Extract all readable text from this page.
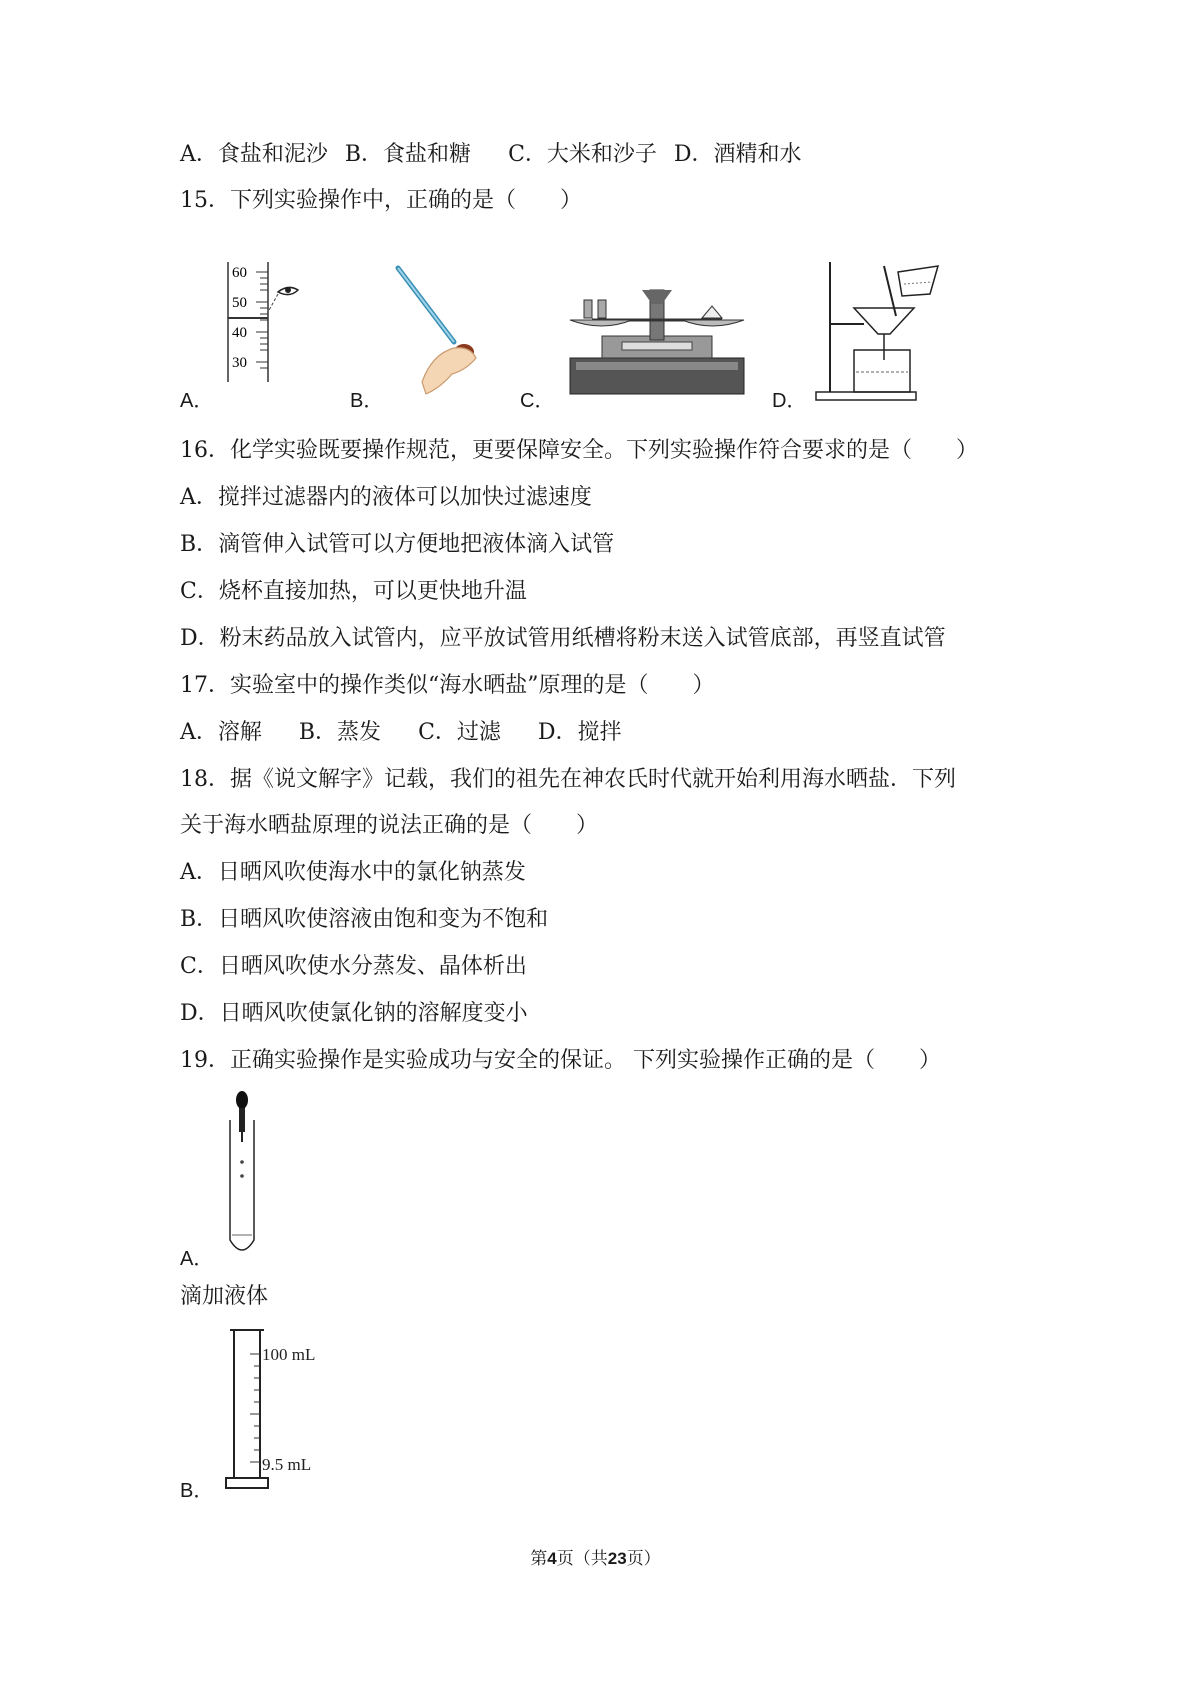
A．食盐和泥沙 B．食盐和糖 C．大米和沙子 D．酒精和水
15．下列实验操作中，正确的是（　　）
60
50
40
30
A．	B．	C．	D．
16．化学实验既要操作规范，更要保障安全。下列实验操作符合要求的是（　　）
A．搅拌过滤器内的液体可以加快过滤速度
B．滴管伸入试管可以方便地把液体滴入试管
C．烧杯直接加热，可以更快地升温
D．粉末药品放入试管内，应平放试管用纸槽将粉末送入试管底部，再竖直试管
17．实验室中的操作类似“海水晒盐”原理的是（　　）
A．溶解 B．蒸发 C．过滤 D．搅拌
18．据《说文解字》记载，我们的祖先在神农氏时代就开始利用海水晒盐．下列
关于海水晒盐原理的说法正确的是（　　）
A．日晒风吹使海水中的氯化钠蒸发
B．日晒风吹使溶液由饱和变为不饱和
C．日晒风吹使水分蒸发、晶体析出
D．日晒风吹使氯化钠的溶解度变小
19．正确实验操作是实验成功与安全的保证。 下列实验操作正确的是（　　）
A．
滴加液体
100 mL
9.5 mL
B．
第4页（共23页）
